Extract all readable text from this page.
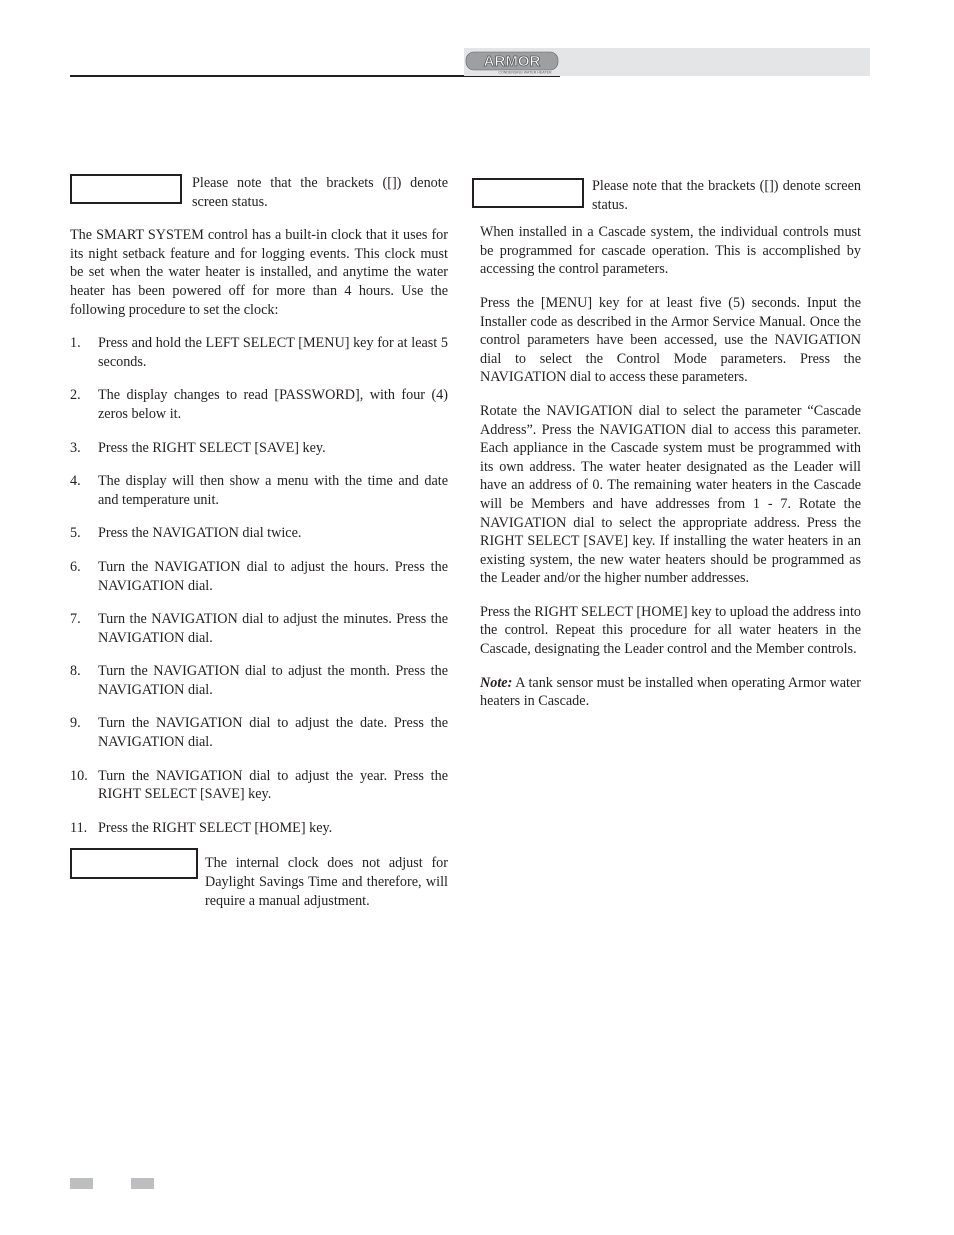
ARMOR
CONDENSING WATER HEATER
Please note that the brackets ([]) denote screen status.

The SMART SYSTEM control has a built-in clock that it uses for its night setback feature and for logging events. This clock must be set when the water heater is installed, and anytime the water heater has been powered off for more than 4 hours. Use the following procedure to set the clock:

1. Press and hold the LEFT SELECT [MENU] key for at least 5 seconds.
2. The display changes to read [PASSWORD], with four (4) zeros below it.
3. Press the RIGHT SELECT [SAVE] key.
4. The display will then show a menu with the time and date and temperature unit.
5. Press the NAVIGATION dial twice.
6. Turn the NAVIGATION dial to adjust the hours. Press the NAVIGATION dial.
7. Turn the NAVIGATION dial to adjust the minutes. Press the NAVIGATION dial.
8. Turn the NAVIGATION dial to adjust the month. Press the NAVIGATION dial.
9. Turn the NAVIGATION dial to adjust the date. Press the NAVIGATION dial.
10. Turn the NAVIGATION dial to adjust the year. Press the RIGHT SELECT [SAVE] key.
11. Press the RIGHT SELECT [HOME] key.
The internal clock does not adjust for Daylight Savings Time and therefore, will require a manual adjustment.
Please note that the brackets ([]) denote screen status.

When installed in a Cascade system, the individual controls must be programmed for cascade operation. This is accomplished by accessing the control parameters.

Press the [MENU] key for at least five (5) seconds. Input the Installer code as described in the Armor Service Manual. Once the control parameters have been accessed, use the NAVIGATION dial to select the Control Mode parameters. Press the NAVIGATION dial to access these parameters.

Rotate the NAVIGATION dial to select the parameter “Cascade Address”. Press the NAVIGATION dial to access this parameter. Each appliance in the Cascade system must be programmed with its own address. The water heater designated as the Leader will have an address of 0. The remaining water heaters in the Cascade will be Members and have addresses from 1 - 7. Rotate the NAVIGATION dial to select the appropriate address. Press the RIGHT SELECT [SAVE] key. If installing the water heaters in an existing system, the new water heaters should be programmed as the Leader and/or the higher number addresses.

Press the RIGHT SELECT [HOME] key to upload the address into the control. Repeat this procedure for all water heaters in the Cascade, designating the Leader control and the Member controls.

Note: A tank sensor must be installed when operating Armor water heaters in Cascade.
